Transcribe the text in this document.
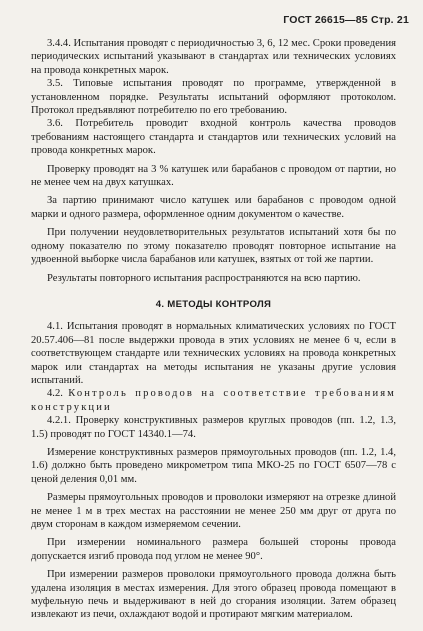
ГОСТ 26615—85 Стр. 21

3.4.4. Испытания проводят с периодичностью 3, 6, 12 мес. Сроки проведения периодических испытаний указывают в стандартах или технических условиях на провода конкретных марок.

3.5. Типовые испытания проводят по программе, утвержденной в установленном порядке. Результаты испытаний оформляют протоколом. Протокол предъявляют потребителю по его требованию.

3.6. Потребитель проводит входной контроль качества проводов требованиям настоящего стандарта и стандартов или технических условий на провода конкретных марок.

Проверку проводят на 3 % катушек или барабанов с проводом от партии, но не менее чем на двух катушках.

За партию принимают число катушек или барабанов с проводом одной марки и одного размера, оформленное одним документом о качестве.

При получении неудовлетворительных результатов испытаний хотя бы по одному показателю по этому показателю проводят повторное испытание на удвоенной выборке числа барабанов или катушек, взятых от той же партии.

Результаты повторного испытания распространяются на всю партию.

4. МЕТОДЫ КОНТРОЛЯ

4.1. Испытания проводят в нормальных климатических условиях по ГОСТ 20.57.406—81 после выдержки провода в этих условиях не менее 6 ч, если в соответствующем стандарте или технических условиях на провода конкретных марок или стандартах на методы испытания не указаны другие условия испытаний.

4.2. Контроль проводов на соответствие требованиям конструкции

4.2.1. Проверку конструктивных размеров круглых проводов (пп. 1.2, 1.3, 1.5) проводят по ГОСТ 14340.1—74.

Измерение конструктивных размеров прямоугольных проводов (пп. 1.2, 1.4, 1.6) должно быть проведено микрометром типа МКО-25 по ГОСТ 6507—78 с ценой деления 0,01 мм.

Размеры прямоугольных проводов и проволоки измеряют на отрезке длиной не менее 1 м в трех местах на расстоянии не менее 250 мм друг от друга по двум сторонам в каждом измеряемом сечении.

При измерении номинального размера большей стороны провода допускается изгиб провода под углом не менее 90°.

При измерении размеров проволоки прямоугольного провода должна быть удалена изоляция в местах измерения. Для этого образец провода помещают в муфельную печь и выдерживают в ней до сгорания изоляции. Затем образец извлекают из печи, охлаждают водой и протирают мягким материалом.
